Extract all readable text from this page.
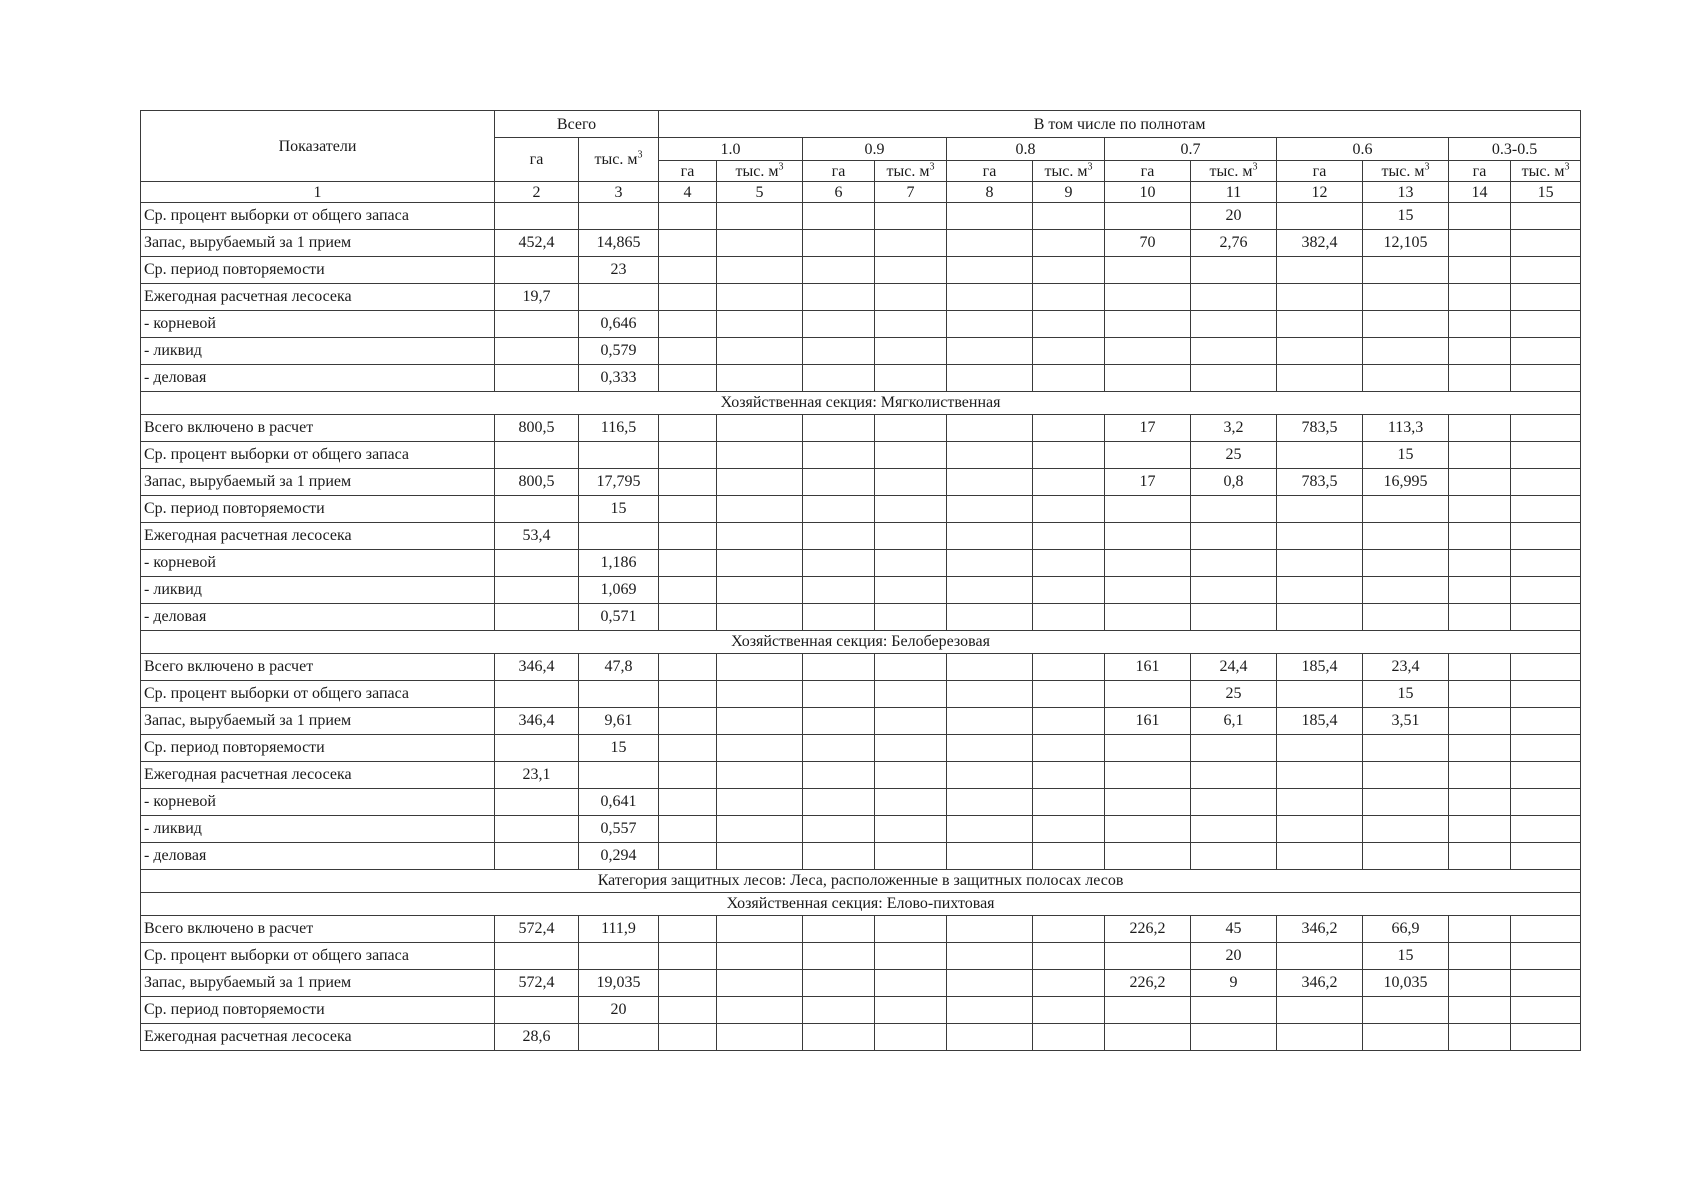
Показатели	Всего		В том числе по полнотам											
	га	тыс. $м^3$	1.0		0.9		0.8		0.7		0.6		0.3-0.5	
			га	тыс. $м^3$	га	тыс. $м^3$	га	тыс. $м^3$	га	тыс. $м^3$	га	тыс. $м^3$	га	тыс. $м^3$
1	2	3	4	5	6	7	8	9	10	11	12	13	14	15
Ср. процент выборки от общего запаса										20		15		
Запас, вырубаемый за 1 прием	452,4	14,865							70	2,76	382,4	12,105		
Ср. период повторяемости		23												
Ежегодная расчетная лесосека	19,7													
- корневой		0,646												
- ликвид		0,579												
- деловая		0,333												
Хозяйственная секция: Мягколиственная														
Всего включено в расчет	800,5	116,5							17	3,2	783,5	113,3		
Ср. процент выборки от общего запаса										25		15		
Запас, вырубаемый за 1 прием	800,5	17,795							17	0,8	783,5	16,995		
Ср. период повторяемости		15												
Ежегодная расчетная лесосека	53,4													
- корневой		1,186												
- ликвид		1,069												
- деловая		0,571												
Хозяйственная секция: Белоберезовая														
Всего включено в расчет	346,4	47,8							161	24,4	185,4	23,4		
Ср. процент выборки от общего запаса										25		15		
Запас, вырубаемый за 1 прием	346,4	9,61							161	6,1	185,4	3,51		
Ср. период повторяемости		15												
Ежегодная расчетная лесосека	23,1													
- корневой		0,641												
- ликвид		0,557												
- деловая		0,294												
Категория защитных лесов: Леса, расположенные в защитных полосах лесов														
Хозяйственная секция: Елово-пихтовая														
Всего включено в расчет	572,4	111,9							226,2	45	346,2	66,9		
Ср. процент выборки от общего запаса										20		15		
Запас, вырубаемый за 1 прием	572,4	19,035							226,2	9	346,2	10,035		
Ср. период повторяемости		20												
Ежегодная расчетная лесосека	28,6													
